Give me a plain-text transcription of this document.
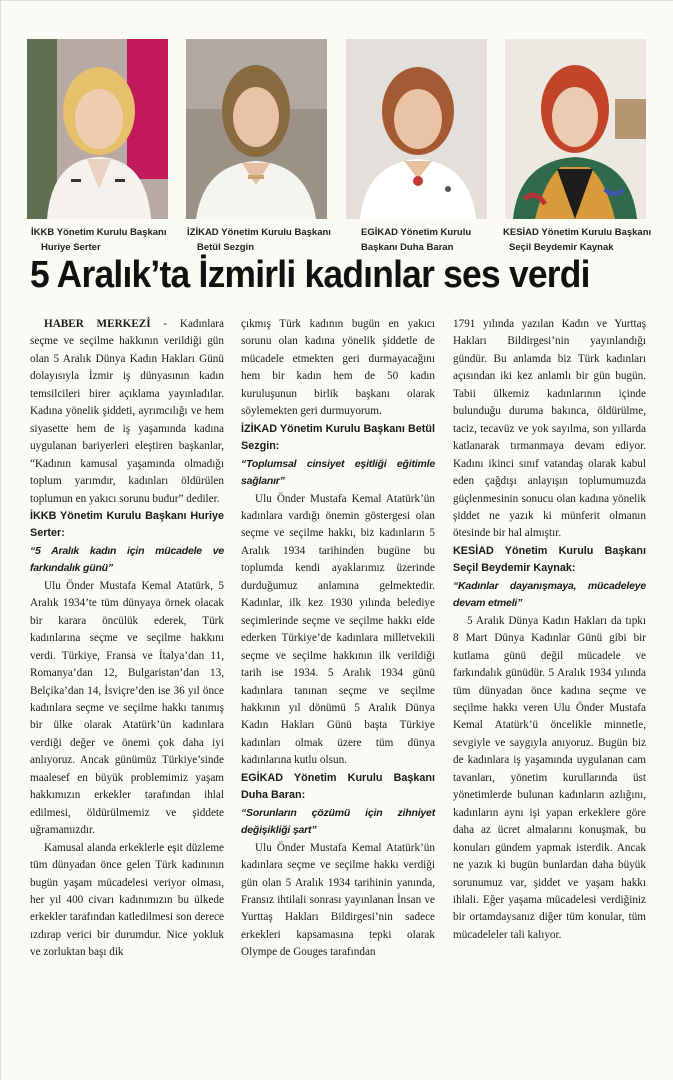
İKKB Yönetim Kurulu Başkanı
Huriye Serter
İZİKAD Yönetim Kurulu Başkanı
Betül Sezgin
EGİKAD Yönetim Kurulu
Başkanı Duha Baran
KESİAD Yönetim Kurulu Başkanı
Seçil Beydemir Kaynak
5 Aralık’ta İzmirli kadınlar ses verdi

HABER MERKEZİ - Kadınlara seçme ve seçilme hakkının verildiği gün olan 5 Aralık Dünya Kadın Hakları Günü dolayısıyla İzmir iş dünyasının kadın temsilcileri birer açıklama yayınladılar. Kadına yönelik şiddeti, ayrımcılığı ve hem siyasette hem de iş yaşamında kadına uygulanan bariyerleri eleştiren başkanlar, “Kadının kamusal yaşamında olmadığı toplum yarımdır, kadınları öldürülen toplumun en yakıcı sorunu budur” dediler.

İKKB Yönetim Kurulu Başkanı Huriye Serter:

“5 Aralık kadın için mücadele ve farkındalık günü”

Ulu Önder Mustafa Kemal Atatürk, 5 Aralık 1934’te tüm dünyaya örnek olacak bir karara öncülük ederek, Türk kadınlarına seçme ve seçilme hakkını verdi. Türkiye, Fransa ve İtalya’dan 11, Romanya’dan 12, Bulgaristan’dan 13, Belçika’dan 14, İsviçre’den ise 36 yıl önce kadınlara seçme ve seçilme hakkı tanımış bir ülke olarak Atatürk’ün kadınlara verdiği değer ve önemi çok daha iyi anlıyoruz. Ancak günümüz Türkiye’sinde maalesef en büyük problemimiz yaşam hakkımızın erkekler tarafından ihlal edilmesi, öldürülmemiz ve şiddete uğramamızdır.

Kamusal alanda erkeklerle eşit düzleme tüm dünyadan önce gelen Türk kadınının bugün yaşam mücadelesi veriyor olması, her yıl 400 civarı kadınımızın bu ülkede erkekler tarafından katledilmesi son derece ızdırap verici bir durumdur. Nice yokluk ve zorluktan başı dik

çıkmış Türk kadının bugün en yakıcı sorunu olan kadına yönelik şiddetle de mücadele etmekten geri durmayacağını hem bir kadın hem de 50 kadın kuruluşunun birlik başkanı olarak söylemekten geri durmuyorum.

İZİKAD Yönetim Kurulu Başkanı Betül Sezgin:

“Toplumsal cinsiyet eşitliği eğitimle sağlanır”

Ulu Önder Mustafa Kemal Atatürk’ün kadınlara vardığı önemin göstergesi olan seçme ve seçilme hakkı, biz kadınların 5 Aralık 1934 tarihinden bugüne bu toplumda kendi ayaklarımız üzerinde durduğumuz anlamına gelmektedir. Kadınlar, ilk kez 1930 yılında belediye seçimlerinde seçme ve seçilme hakkı elde ederken Türkiye’de kadınlara milletvekili seçme ve seçilme hakkının ilk verildiği tarih ise 1934. 5 Aralık 1934 günü kadınlara tanınan seçme ve seçilme hakkının yıl dönümü 5 Aralık Dünya Kadın Hakları Günü başta Türkiye kadınları olmak üzere tüm dünya kadınlarına kutlu olsun.

EGİKAD Yönetim Kurulu Başkanı Duha Baran:

“Sorunların çözümü için zihniyet değişikliği şart”

Ulu Önder Mustafa Kemal Atatürk’ün kadınlara seçme ve seçilme hakkı verdiği gün olan 5 Aralık 1934 tarihinin yanında, Fransız ihtilali sonrası yayınlanan İnsan ve Yurttaş Hakları Bildirgesi’nin sadece erkekleri kapsamasına tepki olarak Olympe de Gouges tarafından

1791 yılında yazılan Kadın ve Yurttaş Hakları Bildirgesi’nin yayınlandığı gündür. Bu anlamda biz Türk kadınları açısından iki kez anlamlı bir gün bugün. Tabii ülkemiz kadınlarının içinde bulunduğu duruma bakınca, öldürülme, taciz, tecavüz ve yok sayılma, son yıllarda katlanarak tırmanmaya devam ediyor. Kadını ikinci sınıf vatandaş olarak kabul eden çağdışı anlayışın toplumumuzda güçlenmesinin sonucu olan kadına yönelik şiddet ne yazık ki münferit olmanın ötesinde bir hal almıştır.

KESİAD Yönetim Kurulu Başkanı Seçil Beydemir Kaynak:

“Kadınlar dayanışmaya, mücadeleye devam etmeli”

5 Aralık Dünya Kadın Hakları da tıpkı 8 Mart Dünya Kadınlar Günü gibi bir kutlama günü değil mücadele ve farkındalık günüdür. 5 Aralık 1934 yılında tüm dünyadan önce kadına seçme ve seçilme hakkı veren Ulu Önder Mustafa Kemal Atatürk’ü öncelikle minnetle, sevgiyle ve saygıyla anıyoruz. Bugün biz de kadınlara iş yaşamında uygulanan cam tavanları, yönetim kurullarında üst yönetimlerde bulunan kadınların azlığını, kadınların aynı işi yapan erkeklere göre daha az ücret almalarını konuşmak, bu konuları gündem yapmak isterdik. Ancak ne yazık ki bugün bunlardan daha büyük sorunumuz var, şiddet ve yaşam hakkı ihlali. Eğer yaşama mücadelesi verdiğiniz bir ortamdaysanız diğer tüm konular, tüm mücadeleler tali kalıyor.
